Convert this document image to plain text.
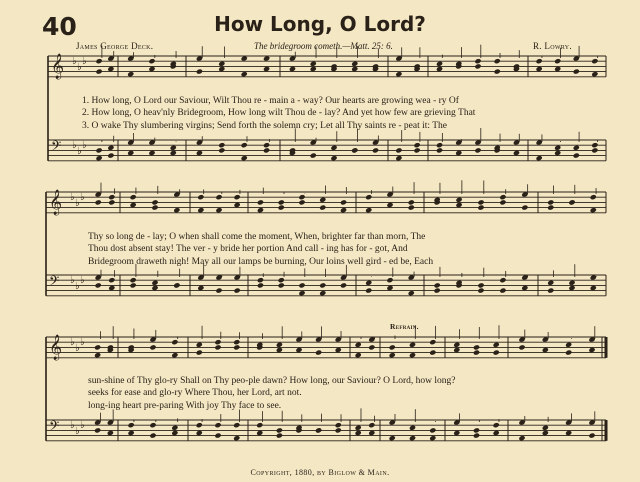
𝄞 ♭
♭
♭
𝄢 ♭
♭
♭
𝄞 ♭
♭
♭
𝄢 ♭
♭
♭
𝄞 ♭
♭
♭
𝄢 ♭
♭
♭
40	How Long, O Lord?
James George Deck.	The bridegroom cometh.—Matt. 25: 6.	R. Lowry.
1. How long, O Lord our Saviour, Wilt Thou re - main a - way? Our hearts are growing wea - ry Of
2. How long, O heav'nly Bridegroom, How long wilt Thou de - lay? And yet how few are grieving That
3. O wake Thy slumbering virgins; Send forth the solemn cry; Let all Thy saints re - peat it: The
Thy so long de - lay; O when shall come the moment, When, brighter far than morn, The
Thou dost absent stay! The ver - y bride her portion And call - ing has for - got, And
Bridegroom draweth nigh! May all our lamps be burning, Our loins well gird - ed be, Each
Refrain.
sun-shine of Thy glo-ry Shall on Thy peo-ple dawn? How long, our Saviour? O Lord, how long?
seeks for ease and glo-ry Where Thou, her Lord, art not.
long-ing heart pre-paring With joy Thy face to see.
Copyright, 1880, by Biglow & Main.
